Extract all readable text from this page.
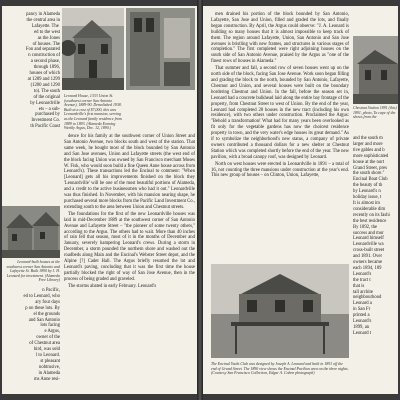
pancy in Alameda
the central area in
Lafayette. The
ed to the west
as the Jones
of houses. The
Fon and separated
n construction of
a second phase,
through 1896,
houses of which
at 1289 and 1299
(1200 and 1290
to). The south
of the original
by Leonardville
ets – a sub-
purchased by
Investment Co.
th Pacific Coast
Leonard House, 1333 Union St. (southwest corner San Antonio Avenue), 1889-90. Demolished 1938. Built at a cost of $7,000, this was Leonardville's first mansion, serving as the Leonard family residence from 1889 to 1893. (Alameda Evening Weekly Argus, Dec. 12, 1890.)

dence for his family at the southwest corner of Union Street and San Antonio Avenue, two blocks south and west of the station. That same week, he bought most of the block bounded by San Antonio and San Jose avenues, Union and Lafayette streets (the west end of the block facing Union was owned by San Francisco merchant Moses W. Fisk, who would soon build a fine Queen Anne house across from Leonard's). These transactions led the Encinal to comment: "When [Leonard] gets all his improvements finished on the block they 'Leonardville' will be one of the most beautiful portions of Alameda, and a credit to the active businessmen who had it out." Leonardville was thus finished. In November, with his mansion nearing shape, he purchased several more blocks from the Pacific Land Investment Co., extending south to the area between Union and Chestnut streets.

The foundations for the first of the new Leonardville houses was laid in mid-December 1889 at the southwest corner of San Antonio Avenue and Lafayette Street – "the pioneer of some twenty others," according to the Argus. The others had to wait. More than 40 inches of rain fell that season, most of it in the months of December and January, severely hampering Leonard's crews. During a storm in December, a storm pounded the northern shore and washed out the roadbeds along Main and the Encinal's Webster Street depot, and the Alpine [?] Cadet Hall. The Argus briefly resumed the lot and Leonard's paving, concluding that it was the first time the house partially blocked the right of way of San Jose Avenue, then in the process of being graded and graveled.

The storms abated in early February. Leonard's

Leonard-built houses at the southwest corner San Antonio and Lafayette St. Built 1890 by J. H. Leonard for investment. (Alameda Free Library)
n Pacific,
ed to Leonard, who
ary four days
p on these lots. By
el the grounds
and San Antonio
lots facing
e Argus,
owner of the
of Chestnut area
hird, was sold
l to Leonard.
st pleasant
nobtrusive,
in Alameda
ms Anne resi-

men drained his portion of the block bounded by San Antonio, Lafayette, San Jose and Union, filled and graded the lots, and finally began construction. By April, the Argus could observe: "J. A. Leonard is building so many houses that it is almost impossible to keep track of them. The region around Lafayette, Union, San Antonio and San Jose avenues is bristling with new frames, and structures in various stages of completion." The first completed were right adjoining houses on the south side of San Antonio Avenue, praised by the Argus as "one of the finest rows of houses in Alameda."

That summer and fall, a second row of seven houses went up on the north side of the block, facing San Jose Avenue. Work soon began filling and grading the block to the north, bounded by San Antonio, Lafayette, Chestnut and Union, and several houses were built on the boundary bordering Chestnut and Union. In the fall, before the season set in, Leonard had a concrete bulkhead laid along the entire bay frontage of the property, from Chestnut Street to west of Union. By the end of the year, Leonard had completed 28 houses in the new tract (including his own residence), with two others under construction. Proclaimed the Argus: "Behold a transformation! What had for many years been overlooked as fit only for the vegetable gardens has now the choicest residence property in town, and the very water's edge houses its great demand." As if to symbolize the neighborhood's new status, a company of private owners contributed a thousand dollars for a new shelter at Chestnut Station which was completed shortly before the end of the year. The new pavilion, with a broad canopy roof, was designed by Leonard.

North on west houses were erected in Leonardville in 1891 – a total of 16, not counting the three mansions under construction at the year's end. This new group of houses – on Clinton, Union, Lafayette,

The Encinal Yacht Club was designed by Joseph A. Leonard and built in 1891 off the end of Grand Street. The 1890 view shows the Encinal Pavilion area on the three nights. (Courtesy San Francisco Collection, Edgar A. Cohen photograph)
Chestnut Station 1891 (this) 1891, photo, Ta cape of the shows from the
and the south m
larger and more
tive gables and b
more sophisticated
house at the nort
Grand Street, pres
the south shore."
Encinal Boat Club
the beauty of th
by Leonard's n
holiday issue, t
It is almost im
considerable dim
recently on its fashi
the best residence
By 1892, the
success and mor
Leonard himself
Leonardville wa
cross-built street
and 1891. Over
owners became
each 1894, 189
Leonard's
the tract t
that is
tall archite
neighbourhood
Leonard a
in San Fr
printed a
Leonard's
1899, an
Leonard t
